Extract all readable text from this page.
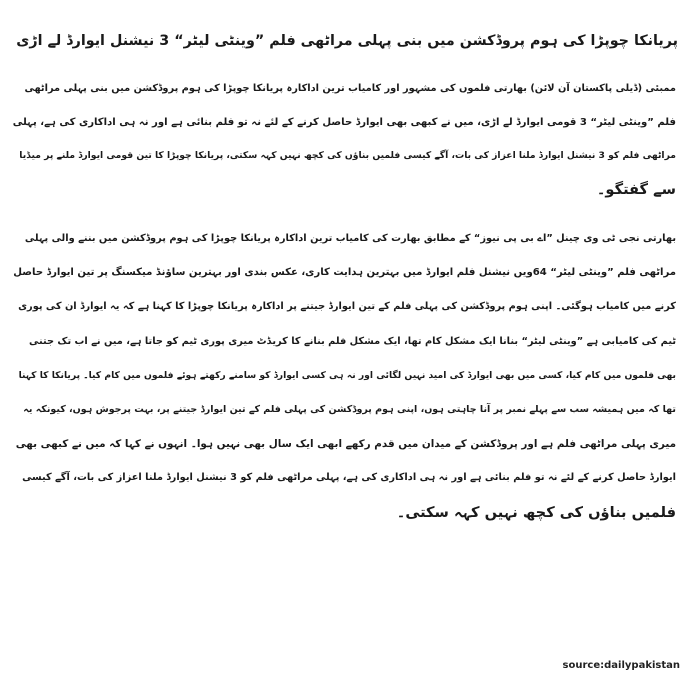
پریانکا چوپڑا کی ہوم پروڈکشن میں بنی پہلی مراٹھی فلم ”وینٹی لیٹر“ 3 نیشنل ایوارڈ لے اڑی
ممبئی (ڈیلی پاکستان آن لائن) بھارتی فلموں کی مشہور اور کامیاب ترین اداکارہ پریانکا چوپڑا کی ہوم پروڈکشن میں بنی پہلی مراٹھی
فلم ”وینٹی لیٹر“ 3 قومی ایوارڈ لے اڑی، میں نے کبھی بھی ایوارڈ حاصل کرنے کے لئے نہ تو فلم بنائی ہے اور نہ ہی اداکاری کی ہے، پہلی
مراٹھی فلم کو 3 نیشنل ایوارڈ ملنا اعزاز کی بات، آگے کیسی فلمیں بناؤں کی کچھ نہیں کہہ سکتی، پریانکا چوپڑا کا تین قومی ایوارڈ ملنے پر میڈیا
سے گفتگو۔
بھارتی نجی ٹی وی چینل ”اے بی پی نیوز“ کے مطابق بھارت کی کامیاب ترین اداکارہ پریانکا چوپڑا کی ہوم پروڈکشن میں بننے والی پہلی
مراٹھی فلم ”وینٹی لیٹر“ 64ویں نیشنل فلم ایوارڈ میں بہترین ہدایت کاری، عکس بندی اور بہترین ساؤنڈ میکسنگ پر تین ایوارڈ حاصل
کرنے میں کامیاب ہوگئی۔ اپنی ہوم پروڈکشن کی پہلی فلم کے تین ایوارڈ جیتنے پر اداکارہ پریانکا چوپڑا کا کہنا ہے کہ یہ ایوارڈ ان کی پوری
ٹیم کی کامیابی ہے ”وینٹی لیٹر“ بنانا ایک مشکل کام تھا، ایک مشکل فلم بنانے کا کریڈٹ میری پوری ٹیم کو جاتا ہے، میں نے اب تک جتنی
بھی فلموں میں کام کیا، کسی میں بھی ایوارڈ کی امید نہیں لگائی اور نہ ہی کسی ایوارڈ کو سامنے رکھتے ہوئے فلموں میں کام کیا۔ پریانکا کا کہنا
تھا کہ میں ہمیشہ سب سے پہلے نمبر پر آنا چاہتی ہوں، اپنی ہوم پروڈکشن کی پہلی فلم کے تین ایوارڈ جیتنے پر، بہت پرجوش ہوں، کیونکہ یہ
میری پہلی مراٹھی فلم ہے اور پروڈکشن کے میدان میں قدم رکھے ابھی ایک سال بھی نہیں ہوا۔ انہوں نے کہا کہ میں نے کبھی بھی
ایوارڈ حاصل کرنے کے لئے نہ تو فلم بنائی ہے اور نہ ہی اداکاری کی ہے، پہلی مراٹھی فلم کو 3 نیشنل ایوارڈ ملنا اعزاز کی بات، آگے کیسی
فلمیں بناؤں کی کچھ نہیں کہہ سکتی۔
source:dailypakistan
